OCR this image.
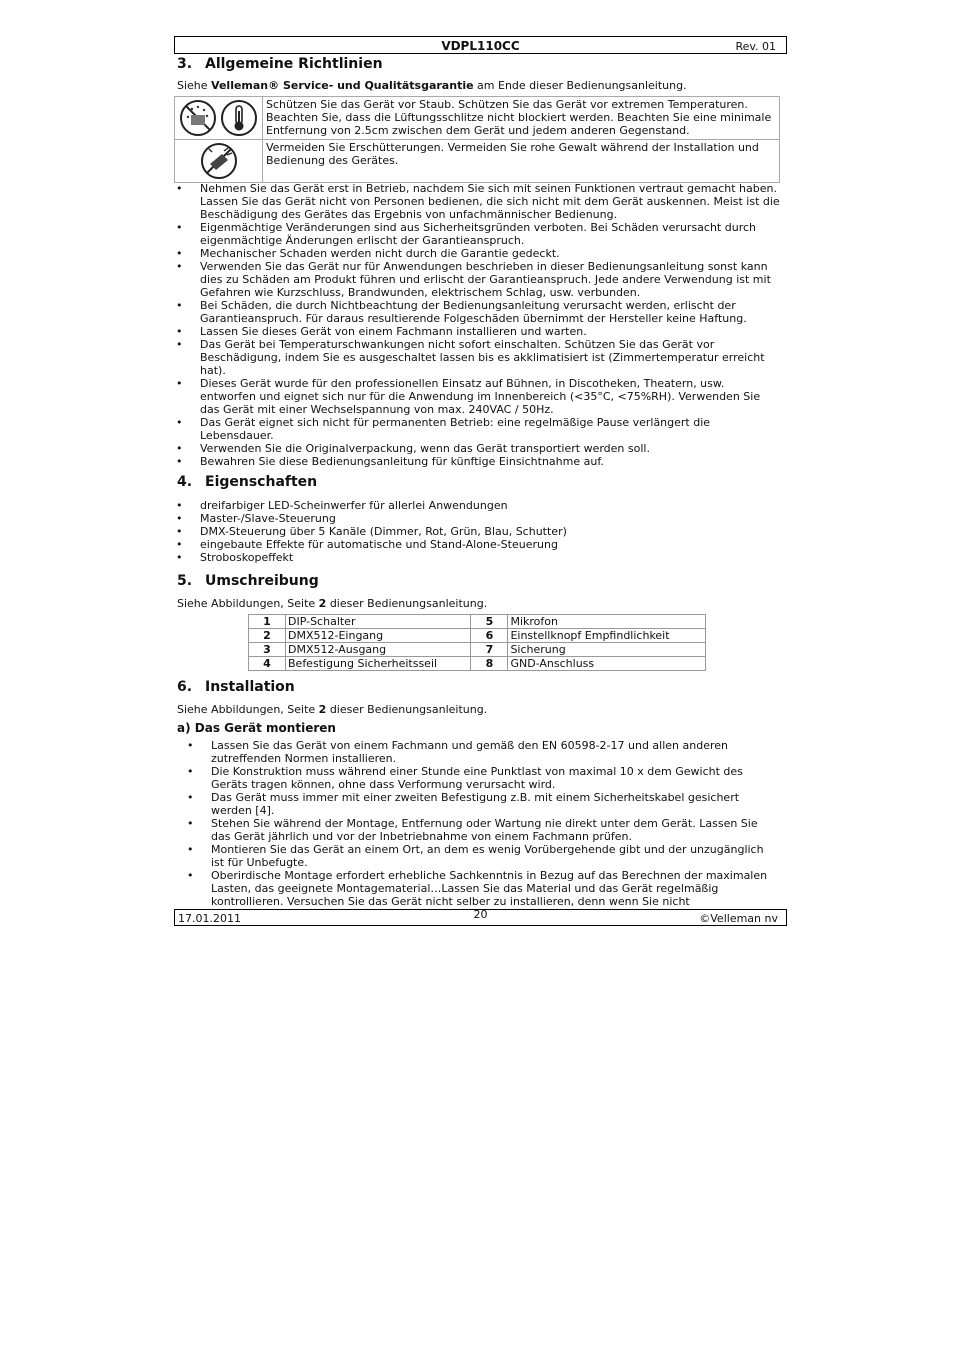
VDPL110CC	Rev. 01
3. Allgemeine Richtlinien

Siehe Velleman® Service- und Qualitätsgarantie am Ende dieser Bedienungsanleitung.

	Schützen Sie das Gerät vor Staub. Schützen Sie das Gerät vor extremen Temperaturen. Beachten Sie, dass die Lüftungsschlitze nicht blockiert werden. Beachten Sie eine minimale Entfernung von 2.5cm zwischen dem Gerät und jedem anderen Gegenstand.
	Vermeiden Sie Erschütterungen. Vermeiden Sie rohe Gewalt während der Installation und Bedienung des Gerätes.
• Nehmen Sie das Gerät erst in Betrieb, nachdem Sie sich mit seinen Funktionen vertraut gemacht haben. Lassen Sie das Gerät nicht von Personen bedienen, die sich nicht mit dem Gerät auskennen. Meist ist die Beschädigung des Gerätes das Ergebnis von unfachmännischer Bedienung.
• Eigenmächtige Veränderungen sind aus Sicherheitsgründen verboten. Bei Schäden verursacht durch eigenmächtige Änderungen erlischt der Garantieanspruch.
• Mechanischer Schaden werden nicht durch die Garantie gedeckt.
• Verwenden Sie das Gerät nur für Anwendungen beschrieben in dieser Bedienungsanleitung sonst kann dies zu Schäden am Produkt führen und erlischt der Garantieanspruch. Jede andere Verwendung ist mit Gefahren wie Kurzschluss, Brandwunden, elektrischem Schlag, usw. verbunden.
• Bei Schäden, die durch Nichtbeachtung der Bedienungsanleitung verursacht werden, erlischt der Garantieanspruch. Für daraus resultierende Folgeschäden übernimmt der Hersteller keine Haftung.
• Lassen Sie dieses Gerät von einem Fachmann installieren und warten.
• Das Gerät bei Temperaturschwankungen nicht sofort einschalten. Schützen Sie das Gerät vor Beschädigung, indem Sie es ausgeschaltet lassen bis es akklimatisiert ist (Zimmertemperatur erreicht hat).
• Dieses Gerät wurde für den professionellen Einsatz auf Bühnen, in Discotheken, Theatern, usw. entworfen und eignet sich nur für die Anwendung im Innenbereich (<35°C, <75%RH). Verwenden Sie das Gerät mit einer Wechselspannung von max. 240VAC / 50Hz.
• Das Gerät eignet sich nicht für permanenten Betrieb: eine regelmäßige Pause verlängert die Lebensdauer.
• Verwenden Sie die Originalverpackung, wenn das Gerät transportiert werden soll.
• Bewahren Sie diese Bedienungsanleitung für künftige Einsichtnahme auf.
4. Eigenschaften
• dreifarbiger LED-Scheinwerfer für allerlei Anwendungen
• Master-/Slave-Steuerung
• DMX-Steuerung über 5 Kanäle (Dimmer, Rot, Grün, Blau, Schutter)
• eingebaute Effekte für automatische und Stand-Alone-Steuerung
• Stroboskopeffekt
5. Umschreibung

Siehe Abbildungen, Seite 2 dieser Bedienungsanleitung.

1	DIP-Schalter	5	Mikrofon
2	DMX512-Eingang	6	Einstellknopf Empfindlichkeit
3	DMX512-Ausgang	7	Sicherung
4	Befestigung Sicherheitsseil	8	GND-Anschluss
6. Installation

Siehe Abbildungen, Seite 2 dieser Bedienungsanleitung.

a) Das Gerät montieren
• Lassen Sie das Gerät von einem Fachmann und gemäß den EN 60598-2-17 und allen anderen zutreffenden Normen installieren.
• Die Konstruktion muss während einer Stunde eine Punktlast von maximal 10 x dem Gewicht des Geräts tragen können, ohne dass Verformung verursacht wird.
• Das Gerät muss immer mit einer zweiten Befestigung z.B. mit einem Sicherheitskabel gesichert werden [4].
• Stehen Sie während der Montage, Entfernung oder Wartung nie direkt unter dem Gerät. Lassen Sie das Gerät jährlich und vor der Inbetriebnahme von einem Fachmann prüfen.
• Montieren Sie das Gerät an einem Ort, an dem es wenig Vorübergehende gibt und der unzugänglich ist für Unbefugte.
• Oberirdische Montage erfordert erhebliche Sachkenntnis in Bezug auf das Berechnen der maximalen Lasten, das geeignete Montagematerial…Lassen Sie das Material und das Gerät regelmäßig kontrollieren. Versuchen Sie das Gerät nicht selber zu installieren, denn wenn Sie nicht
17.01.2011	20	©Velleman nv
